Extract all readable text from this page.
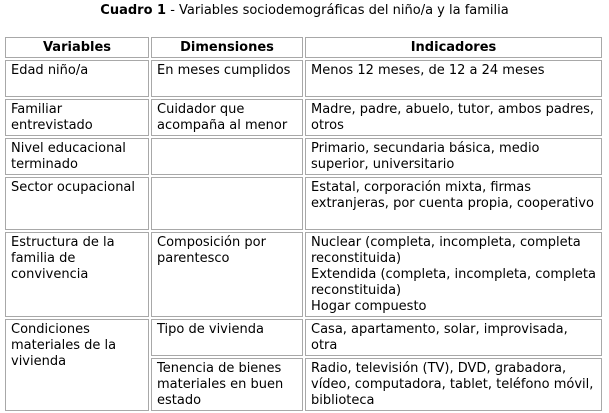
Cuadro 1 - Variables sociodemográficas del niño/a y la familia
Variables	Dimensiones	Indicadores
Edad niño/a	En meses cumplidos	Menos 12 meses, de 12 a 24 meses

Familiar entrevistado	Cuidador que acompaña al menor	Madre, padre, abuelo, tutor, ambos padres, otros

Nivel educacional terminado		Primario, secundaria básica, medio superior, universitario

Sector ocupacional		Estatal, corporación mixta, firmas extranjeras, por cuenta propia, cooperativo

Estructura de la familia de convivencia	Composición por parentesco	Nuclear (completa, incompleta, completa reconstituida)
Extendida (completa, incompleta, completa reconstituida)
Hogar compuesto

Condiciones materiales de la vivienda	Tipo de vivienda	Casa, apartamento, solar, improvisada, otra

	Tenencia de bienes materiales en buen estado	Radio, televisión (TV), DVD, grabadora, vídeo, computadora, tablet, teléfono móvil, biblioteca
